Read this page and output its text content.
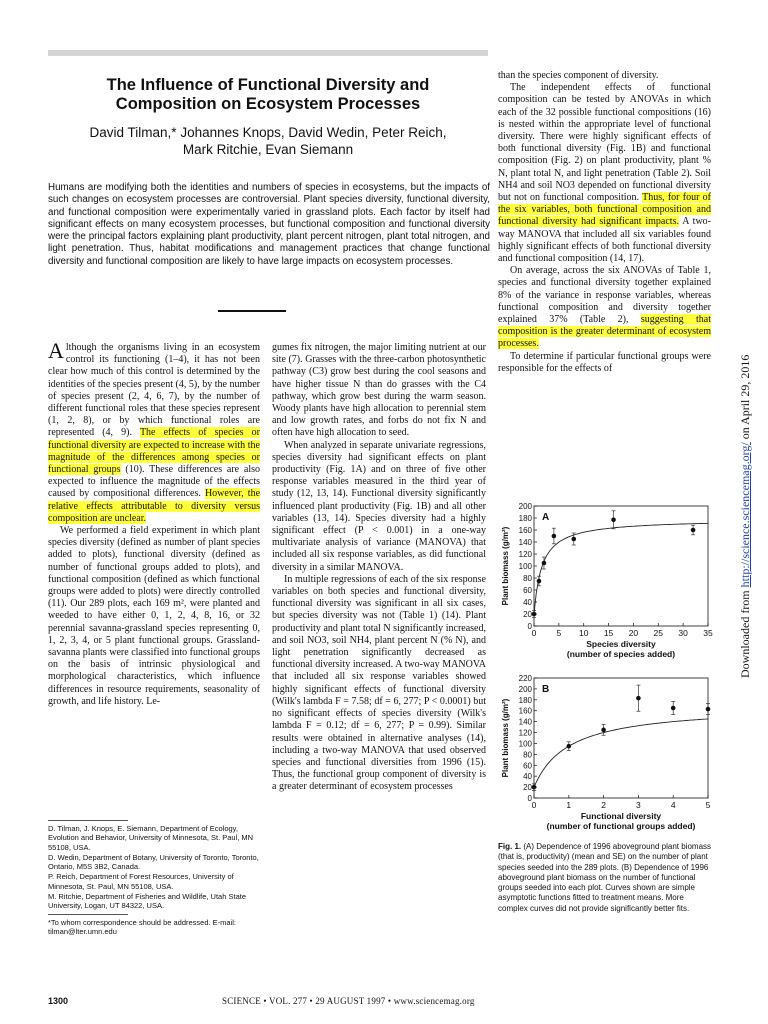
The Influence of Functional Diversity and
Composition on Ecosystem Processes
David Tilman,* Johannes Knops, David Wedin, Peter Reich,
Mark Ritchie, Evan Siemann
Humans are modifying both the identities and numbers of species in ecosystems, but the impacts of such changes on ecosystem processes are controversial. Plant species diversity, functional diversity, and functional composition were experimentally varied in grassland plots. Each factor by itself had significant effects on many ecosystem processes, but functional composition and functional diversity were the principal factors explaining plant productivity, plant percent nitrogen, plant total nitrogen, and light penetration. Thus, habitat modifications and management practices that change functional diversity and functional composition are likely to have large impacts on ecosystem processes.

Although the organisms living in an ecosystem control its functioning (1–4), it has not been clear how much of this control is determined by the identities of the species present (4, 5), by the number of species present (2, 4, 6, 7), by the number of different functional roles that these species represent (1, 2, 8), or by which functional roles are represented (4, 9). The effects of species or functional diversity are expected to increase with the magnitude of the differences among species or functional groups (10). These differences are also expected to influence the magnitude of the effects caused by compositional differences. However, the relative effects attributable to diversity versus composition are unclear.

We performed a field experiment in which plant species diversity (defined as number of plant species added to plots), functional diversity (defined as number of functional groups added to plots), and functional composition (defined as which functional groups were added to plots) were directly controlled (11). Our 289 plots, each 169 m², were planted and weeded to have either 0, 1, 2, 4, 8, 16, or 32 perennial savanna-grassland species representing 0, 1, 2, 3, 4, or 5 plant functional groups. Grassland-savanna plants were classified into functional groups on the basis of intrinsic physiological and morphological characteristics, which influence differences in resource requirements, seasonality of growth, and life history. Le-

gumes fix nitrogen, the major limiting nutrient at our site (7). Grasses with the three-carbon photosynthetic pathway (C3) grow best during the cool seasons and have higher tissue N than do grasses with the C4 pathway, which grow best during the warm season. Woody plants have high allocation to perennial stem and low growth rates, and forbs do not fix N and often have high allocation to seed.

When analyzed in separate univariate regressions, species diversity had significant effects on plant productivity (Fig. 1A) and on three of five other response variables measured in the third year of study (12, 13, 14). Functional diversity significantly influenced plant productivity (Fig. 1B) and all other variables (13, 14). Species diversity had a highly significant effect (P < 0.001) in a one-way multivariate analysis of variance (MANOVA) that included all six response variables, as did functional diversity in a similar MANOVA.

In multiple regressions of each of the six response variables on both species and functional diversity, functional diversity was significant in all six cases, but species diversity was not (Table 1) (14). Plant productivity and plant total N significantly increased, and soil NO3, soil NH4, plant percent N (% N), and light penetration significantly decreased as functional diversity increased. A two-way MANOVA that included all six response variables showed highly significant effects of functional diversity (Wilk's lambda F = 7.58; df = 6, 277; P < 0.0001) but no significant effects of species diversity (Wilk's lambda F = 0.12; df = 6, 277; P = 0.99). Similar results were obtained in alternative analyses (14), including a two-way MANOVA that used observed species and functional diversities from 1996 (15). Thus, the functional group component of diversity is a greater determinant of ecosystem processes

than the species component of diversity.

The independent effects of functional composition can be tested by ANOVAs in which each of the 32 possible functional compositions (16) is nested within the appropriate level of functional diversity. There were highly significant effects of both functional diversity (Fig. 1B) and functional composition (Fig. 2) on plant productivity, plant % N, plant total N, and light penetration (Table 2). Soil NH4 and soil NO3 depended on functional diversity but not on functional composition. Thus, for four of the six variables, both functional composition and functional diversity had significant impacts. A two-way MANOVA that included all six variables found highly significant effects of both functional diversity and functional composition (14, 17).

On average, across the six ANOVAs of Table 1, species and functional diversity together explained 8% of the variance in response variables, whereas functional composition and diversity together explained 37% (Table 2), suggesting that composition is the greater determinant of ecosystem processes.

To determine if particular functional groups were responsible for the effects of

0
20
40
60
80
100
120
140
160
180
200
0 5 10 15 20 25 30 35
A
Species diversity
(number of species added)
Plant biomass (g/m²)
0
20
40
60
80
100
120
140
160
180
200
220
0	1	2	3	4	5
B
Functional diversity
(number of functional groups added)
Plant biomass (g/m²)
Fig. 1. (A) Dependence of 1996 aboveground plant biomass (that is, productivity) (mean and SE) on the number of plant species seeded into the 289 plots. (B) Dependence of 1996 aboveground plant biomass on the number of functional groups seeded into each plot. Curves shown are simple asymptotic functions fitted to treatment means. More complex curves did not provide significantly better fits.

D. Tilman, J. Knops, E. Siemann, Department of Ecology, Evolution and Behavior, University of Minnesota, St. Paul, MN 55108, USA.

D. Wedin, Department of Botany, University of Toronto, Toronto, Ontario, M5S 3B2, Canada.

P. Reich, Department of Forest Resources, University of Minnesota, St. Paul, MN 55108, USA.

M. Ritchie, Department of Fisheries and Wildlife, Utah State University, Logan, UT 84322, USA.

*To whom correspondence should be addressed. E-mail: tilman@lter.umn.edu

1300	SCIENCE • VOL. 277 • 29 AUGUST 1997 • www.sciencemag.org
Downloaded from http://science.sciencemag.org/ on April 29, 2016
